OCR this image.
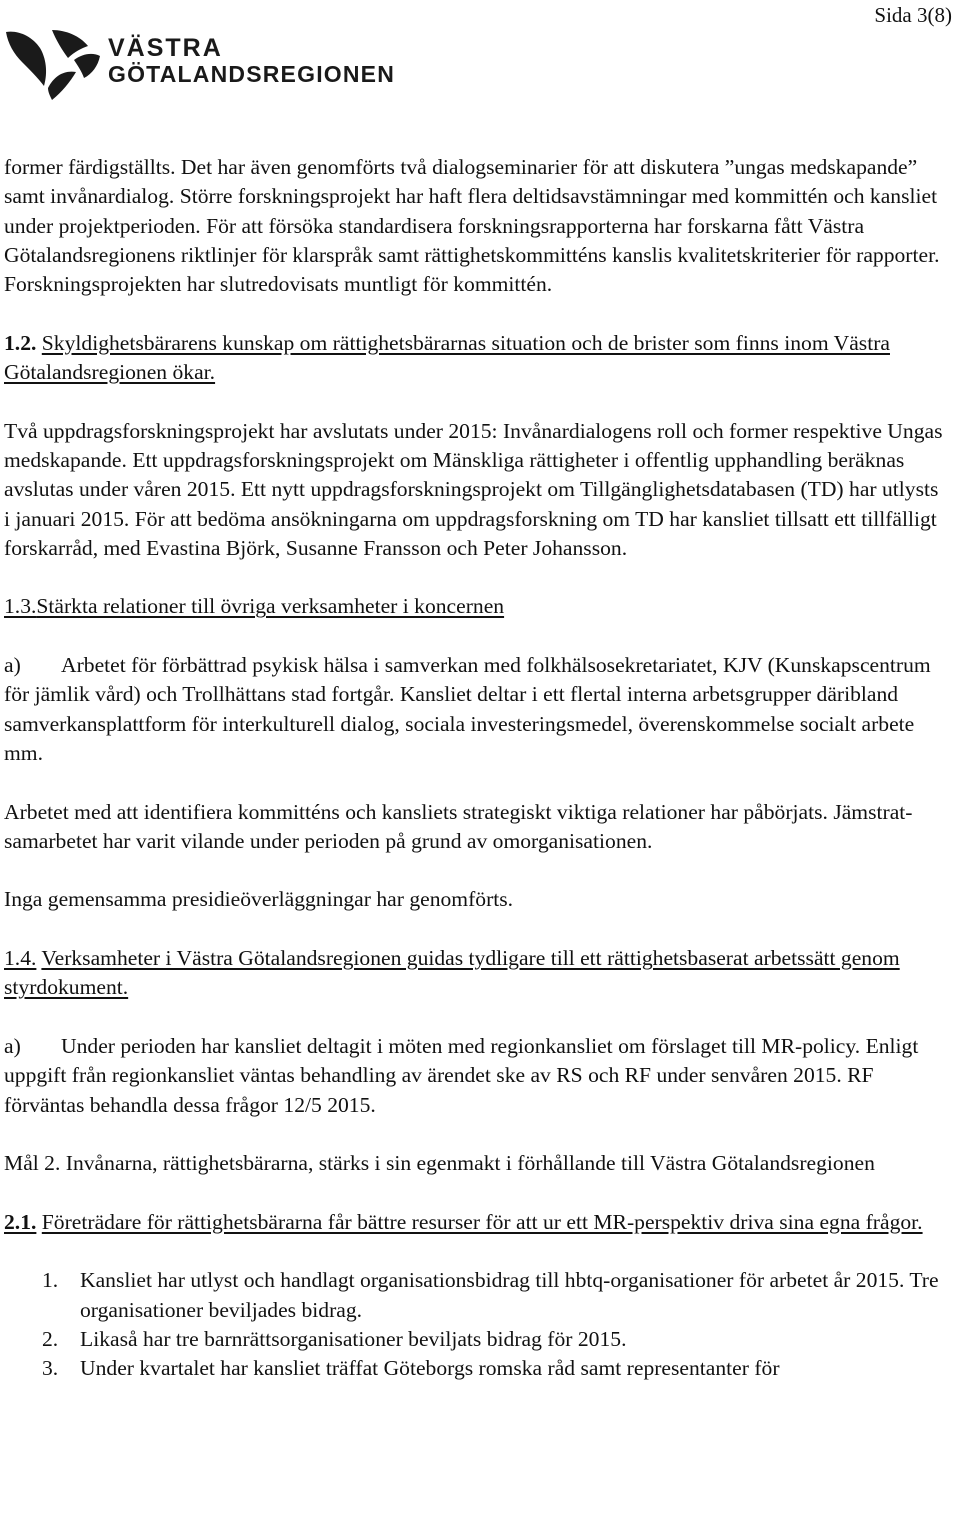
Sida 3(8)
VÄSTRA
GÖTALANDSREGIONEN

former färdigställts. Det har även genomförts två dialogseminarier för att diskutera ”ungas medskapande” samt invånardialog. Större forskningsprojekt har haft flera deltidsavstämningar med kommittén och kansliet under projektperioden. För att försöka standardisera forskningsrapporterna har forskarna fått Västra Götalandsregionens riktlinjer för klarspråk samt rättighetskommitténs kanslis kvalitetskriterier för rapporter. Forskningsprojekten har slutredovisats muntligt för kommittén.

1.2. Skyldighetsbärarens kunskap om rättighetsbärarnas situation och de brister som finns inom Västra Götalandsregionen ökar.

Två uppdragsforskningsprojekt har avslutats under 2015: Invånardialogens roll och former respektive Ungas medskapande. Ett uppdragsforskningsprojekt om Mänskliga rättigheter i offentlig upphandling beräknas avslutas under våren 2015. Ett nytt uppdragsforskningsprojekt om Tillgänglighetsdatabasen (TD) har utlysts i januari 2015. För att bedöma ansökningarna om uppdragsforskning om TD har kansliet tillsatt ett tillfälligt forskarråd, med Evastina Björk, Susanne Fransson och Peter Johansson.

1.3.Stärkta relationer till övriga verksamheter i koncernen

a) Arbetet för förbättrad psykisk hälsa i samverkan med folkhälsosekretariatet, KJV (Kunskapscentrum för jämlik vård) och Trollhättans stad fortgår. Kansliet deltar i ett flertal interna arbetsgrupper däribland samverkansplattform för interkulturell dialog, sociala investeringsmedel, överenskommelse socialt arbete mm.

Arbetet med att identifiera kommitténs och kansliets strategiskt viktiga relationer har påbörjats. Jämstrat-samarbetet har varit vilande under perioden på grund av omorganisationen.

Inga gemensamma presidieöverläggningar har genomförts.

1.4. Verksamheter i Västra Götalandsregionen guidas tydligare till ett rättighetsbaserat arbetssätt genom styrdokument.

a) Under perioden har kansliet deltagit i möten med regionkansliet om förslaget till MR-policy. Enligt uppgift från regionkansliet väntas behandling av ärendet ske av RS och RF under senvåren 2015. RF förväntas behandla dessa frågor 12/5 2015.

Mål 2. Invånarna, rättighetsbärarna, stärks i sin egenmakt i förhållande till Västra Götalandsregionen

2.1. Företrädare för rättighetsbärarna får bättre resurser för att ur ett MR-perspektiv driva sina egna frågor.

1. Kansliet har utlyst och handlagt organisationsbidrag till hbtq-organisationer för arbetet år 2015. Tre organisationer beviljades bidrag.
2. Likaså har tre barnrättsorganisationer beviljats bidrag för 2015.
3. Under kvartalet har kansliet träffat Göteborgs romska råd samt representanter för
